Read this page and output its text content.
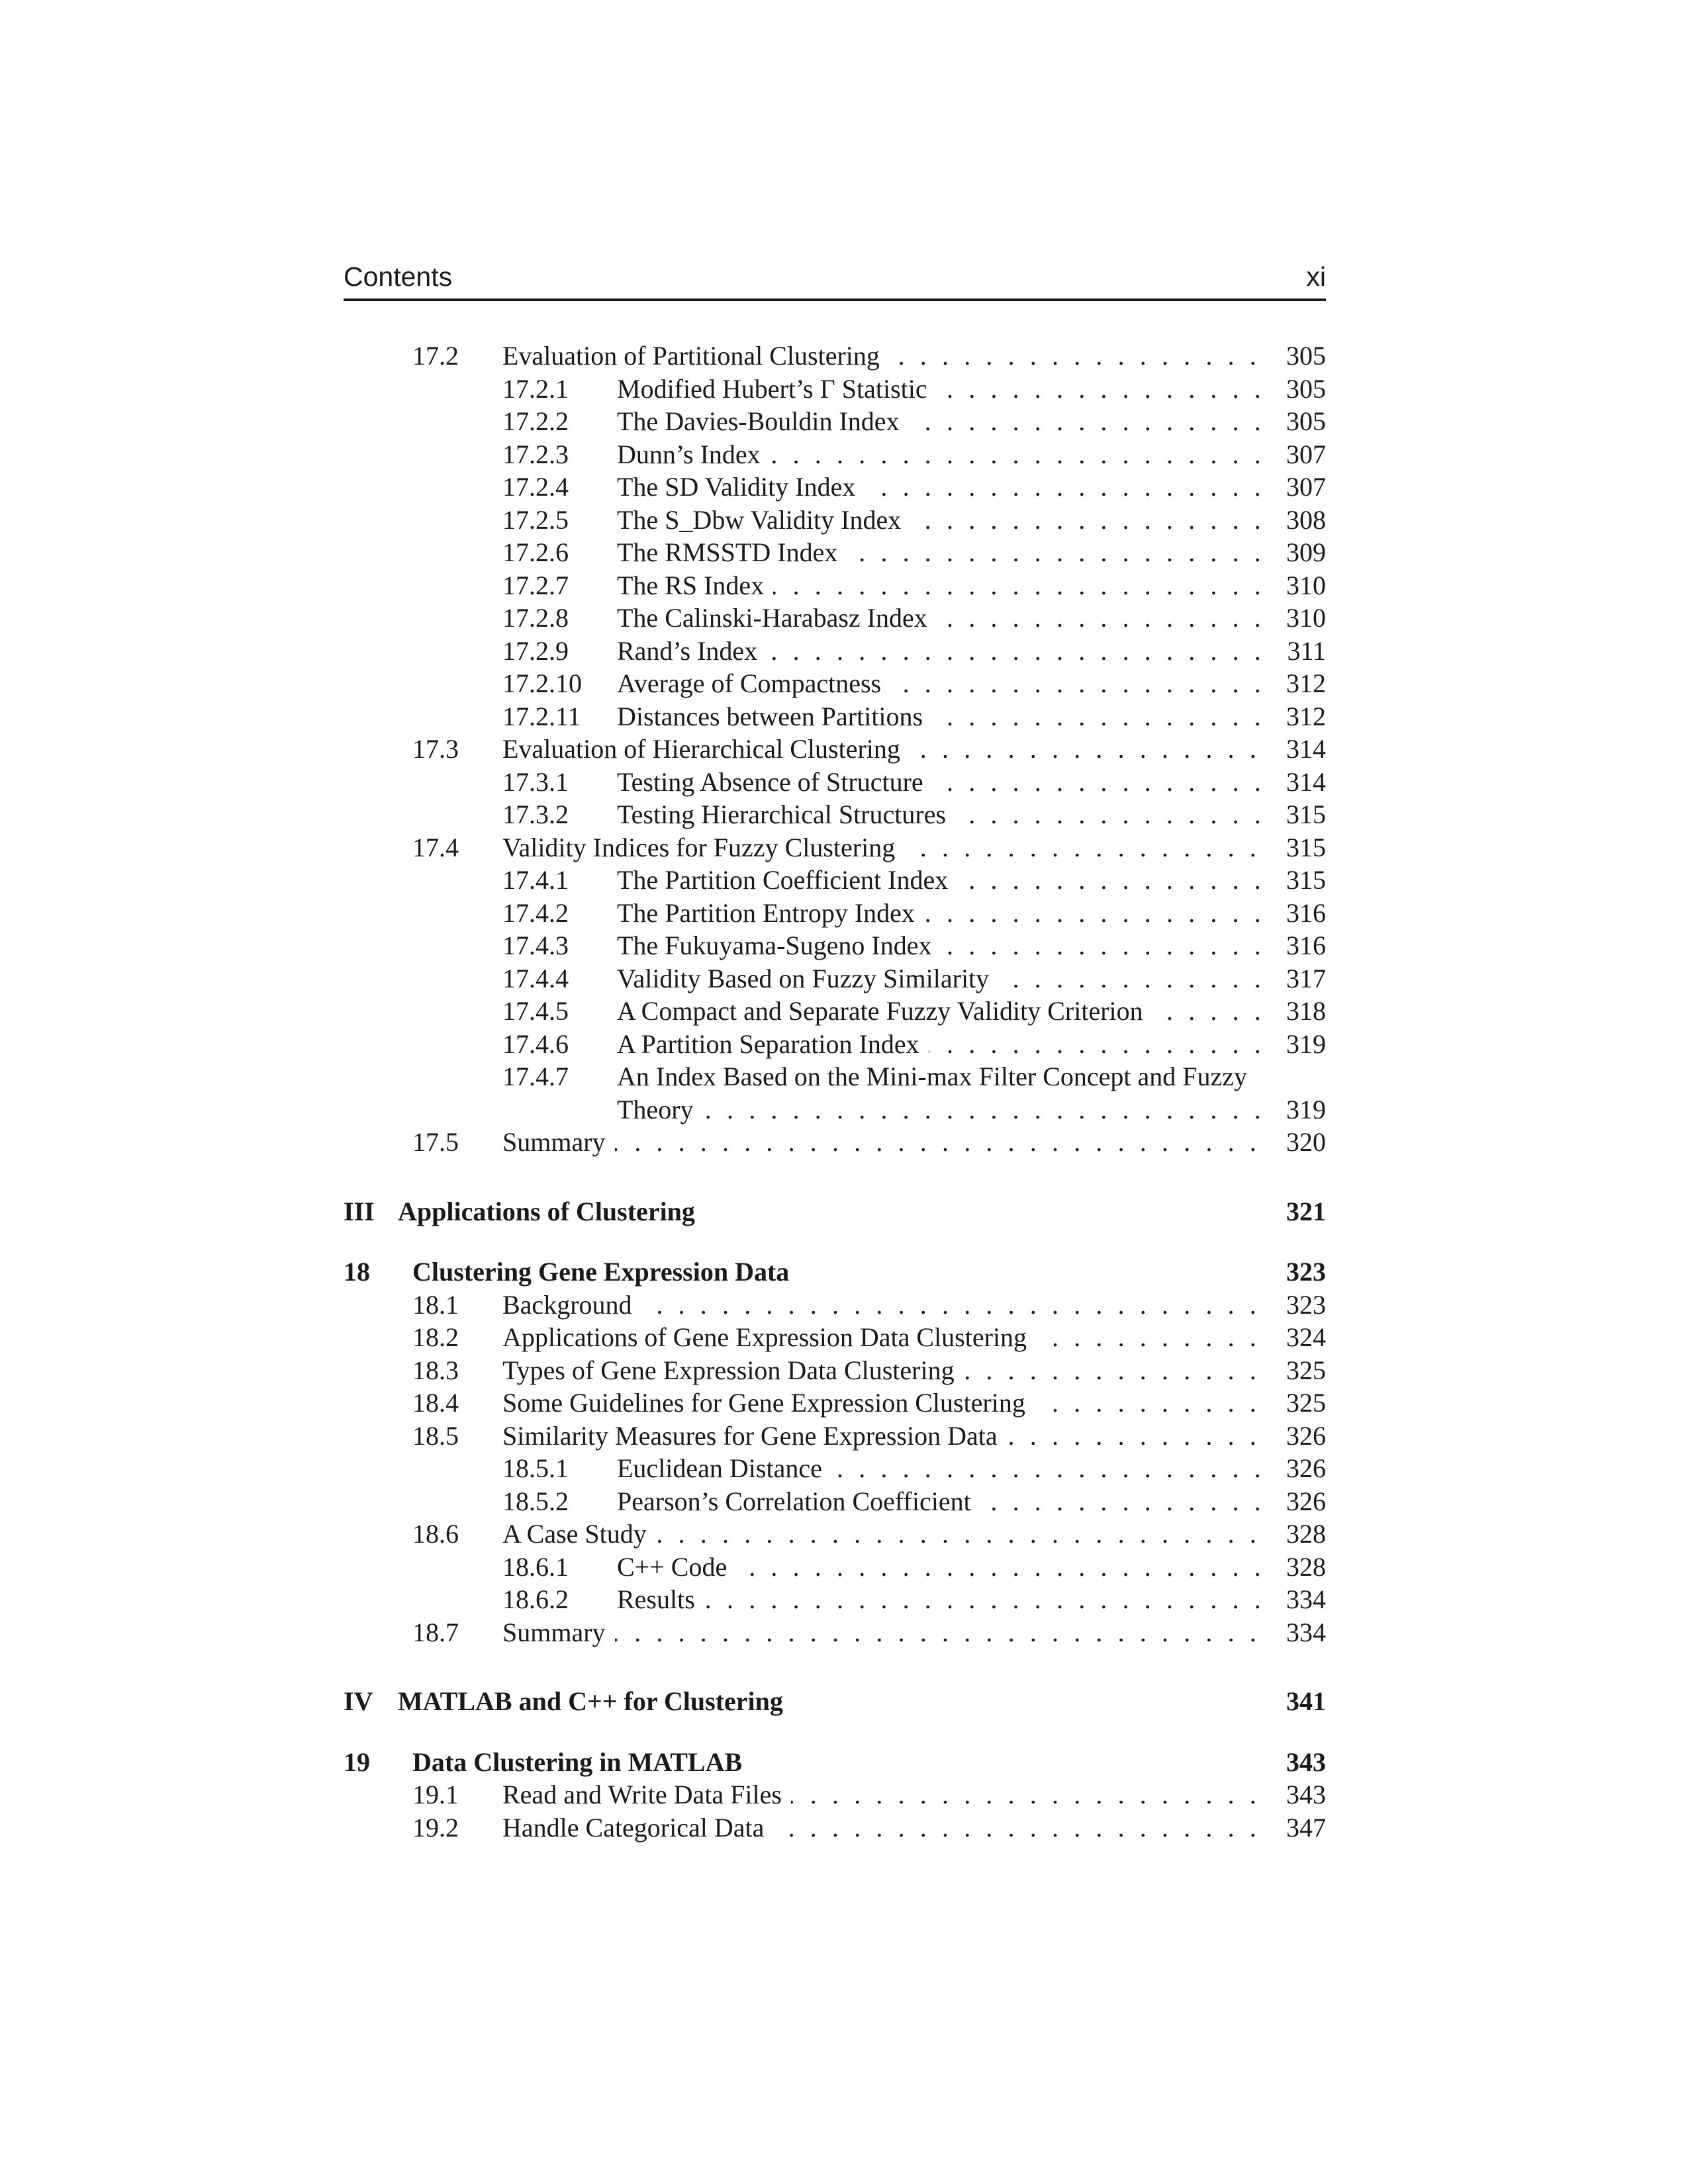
Contents	xi
17.2 Evaluation of Partitional Clustering . . .	305
17.2.1 Modified Hubert’s Γ Statistic . . .	305
17.2.2 The Davies-Bouldin Index . . .	305
17.2.3 Dunn’s Index . . .	307
17.2.4 The SD Validity Index . . .	307
17.2.5 The S_Dbw Validity Index . . .	308
17.2.6 The RMSSTD Index . . .	309
17.2.7 The RS Index . . .	310
17.2.8 The Calinski-Harabasz Index . . .	310
17.2.9 Rand’s Index . . .	311
17.2.10 Average of Compactness . . .	312
17.2.11 Distances between Partitions . . .	312
17.3 Evaluation of Hierarchical Clustering . . .	314
17.3.1 Testing Absence of Structure . . .	314
17.3.2 Testing Hierarchical Structures . . .	315
17.4 Validity Indices for Fuzzy Clustering . . .	315
17.4.1 The Partition Coefficient Index . . .	315
17.4.2 The Partition Entropy Index . . .	316
17.4.3 The Fukuyama-Sugeno Index . . .	316
17.4.4 Validity Based on Fuzzy Similarity . . .	317
17.4.5 A Compact and Separate Fuzzy Validity Criterion . . .	318
17.4.6 A Partition Separation Index . . .	319
17.4.7 An Index Based on the Mini-max Filter Concept and Fuzzy
Theory . . .	319
17.5 Summary . . .	320
III Applications of Clustering	321
18 Clustering Gene Expression Data	323
18.1 Background . . .	323
18.2 Applications of Gene Expression Data Clustering . . .	324
18.3 Types of Gene Expression Data Clustering . . .	325
18.4 Some Guidelines for Gene Expression Clustering . . .	325
18.5 Similarity Measures for Gene Expression Data . . .	326
18.5.1 Euclidean Distance . . .	326
18.5.2 Pearson’s Correlation Coefficient . . .	326
18.6 A Case Study . . .	328
18.6.1 C++ Code . . .	328
18.6.2 Results . . .	334
18.7 Summary . . .	334
IV MATLAB and C++ for Clustering	341
19 Data Clustering in MATLAB	343
19.1 Read and Write Data Files . . .	343
19.2 Handle Categorical Data . . .	347
